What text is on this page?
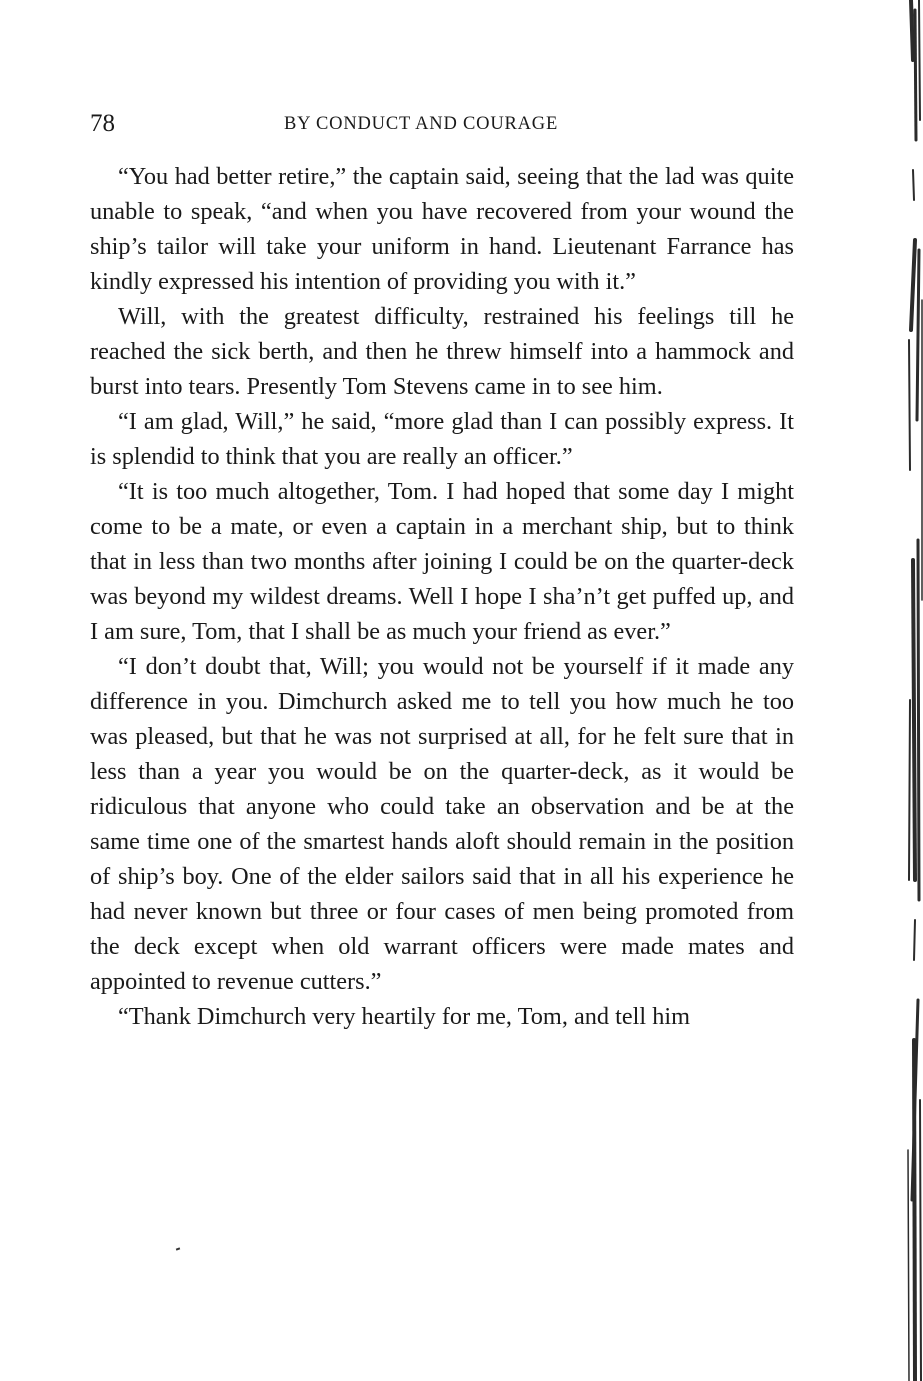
78	BY CONDUCT AND COURAGE

“You had better retire,” the captain said, seeing that the lad was quite unable to speak, “and when you have recovered from your wound the ship’s tailor will take your uniform in hand. Lieutenant Farrance has kindly expressed his intention of providing you with it.”

Will, with the greatest difficulty, restrained his feelings till he reached the sick berth, and then he threw himself into a hammock and burst into tears. Presently Tom Stevens came in to see him.

“I am glad, Will,” he said, “more glad than I can possibly express. It is splendid to think that you are really an officer.”

“It is too much altogether, Tom. I had hoped that some day I might come to be a mate, or even a captain in a merchant ship, but to think that in less than two months after joining I could be on the quarter-deck was beyond my wildest dreams. Well I hope I sha’n’t get puffed up, and I am sure, Tom, that I shall be as much your friend as ever.”

“I don’t doubt that, Will; you would not be yourself if it made any difference in you. Dimchurch asked me to tell you how much he too was pleased, but that he was not surprised at all, for he felt sure that in less than a year you would be on the quarter-deck, as it would be ridiculous that anyone who could take an observation and be at the same time one of the smartest hands aloft should remain in the position of ship’s boy. One of the elder sailors said that in all his experience he had never known but three or four cases of men being promoted from the deck except when old warrant officers were made mates and appointed to revenue cutters.”

“Thank Dimchurch very heartily for me, Tom, and tell him
